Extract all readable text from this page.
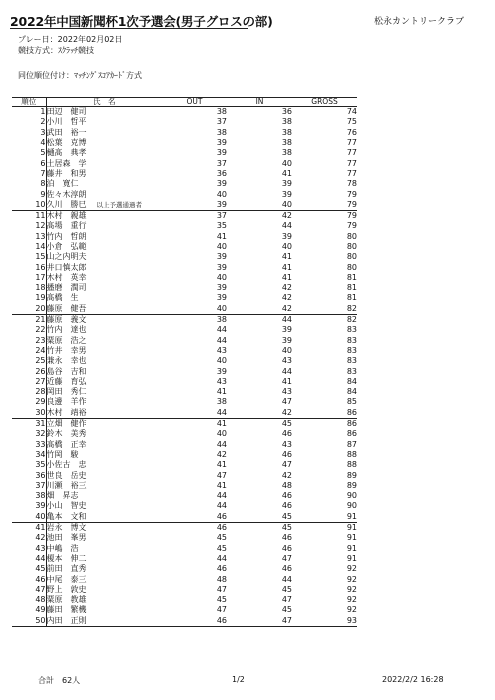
2022年中国新聞杯1次予選会(男子グロスの部)	松永カントリークラブ
プレー日：2022年02月02日
競技方式：ｽｸﾗｯﾁ競技
同位順位付け：ﾏｯﾁﾝｸﾞｽｺｱｶｰﾄﾞ方式
順位	氏　名	OUT	IN	GROSS
1	田辺　健司	38	36	74
2	小川　哲平	37	38	75
3	武田　裕一	38	38	76
4	松葉　克博	39	38	77
5	樋髙　典孝	39	38	77
6	土居森　学	37	40	77
7	藤井　和男	36	41	77
8	泊　寛仁	39	39	78
9	佐々木淳朗	40	39	79
10	久川　勝巳 以上予選通過者	39	40	79
11	木村　親雄	37	42	79
12	髙場　重行	35	44	79
13	竹内　哲朗	41	39	80
14	小倉　弘範	40	40	80
15	山之内明夫	39	41	80
16	井口慎太郎	39	41	80
17	木村　英幸	40	41	81
18	播磨　潤司	39	42	81
19	髙橋　生	39	42	81
20	藤原　健吾	40	42	82
21	藤原　義文	38	44	82
22	竹内　達也	44	39	83
23	粟原　浩之	44	39	83
24	竹井　幸男	43	40	83
25	兼永　幸也	40	43	83
26	島谷　吉和	39	44	83
27	近藤　育弘	43	41	84
28	岡田　秀仁	41	43	84
29	良邊　羊作	38	47	85
30	木村　靖裕	44	42	86
31	立畑　健作	41	45	86
32	鈴木　美秀	40	46	86
33	髙橋　正幸	44	43	87
34	竹岡　駿	42	46	88
35	小佐古　忠	41	47	88
36	世良　岳史	47	42	89
37	川瀬　裕三	41	48	89
38	畑　昇志	44	46	90
39	小山　智史	44	46	90
40	亀本　文和	46	45	91
41	岩永　博文	46	45	91
42	池田　峯男	45	46	91
43	中嶋　浩	45	46	91
44	榎本　伸二	44	47	91
45	前田　直秀	46	46	92
46	中尾　泰三	48	44	92
47	野上　敦史	47	45	92
48	粟原　教雄	45	47	92
49	藤田　繁機	47	45	92
50	内田　正則	46	47	93
合計　62人	1/2	2022/2/2 16:28
